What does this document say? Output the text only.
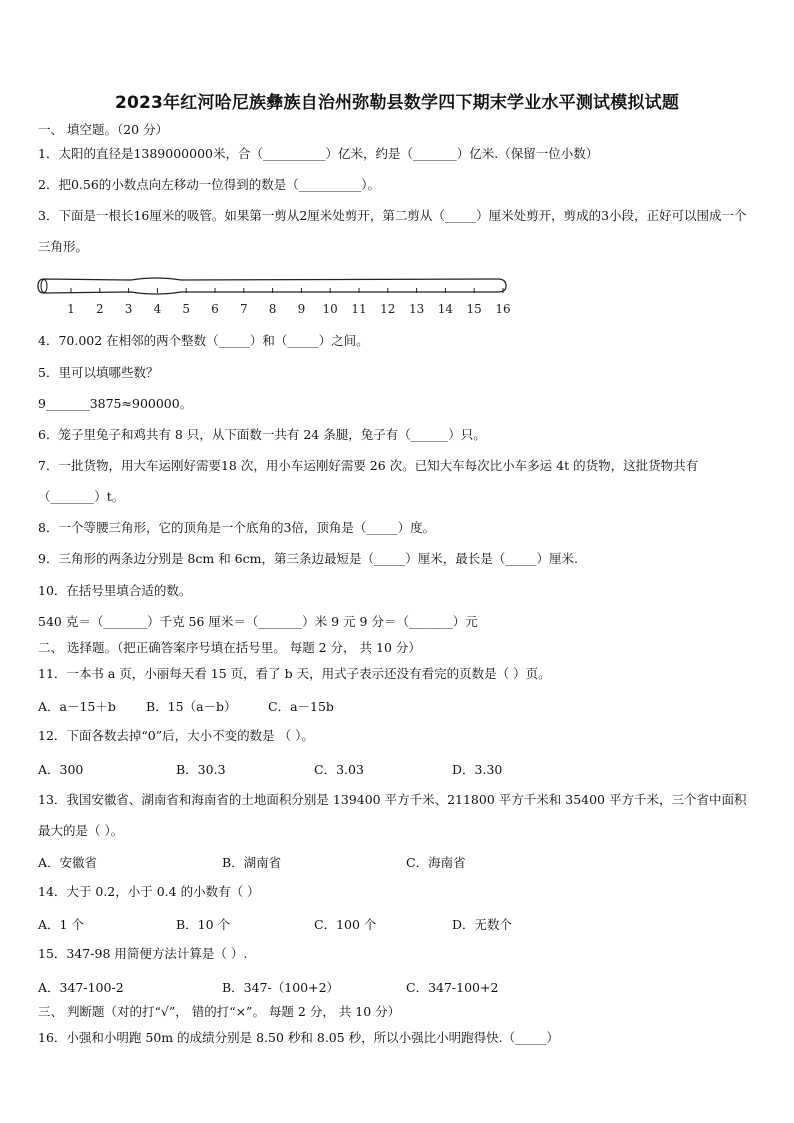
2023年红河哈尼族彝族自治州弥勒县数学四下期末学业水平测试模拟试题
一、 填空题。（20 分）
1．太阳的直径是1389000000米，合（__________）亿米，约是（_______）亿米.（保留一位小数）
2．把0.56的小数点向左移动一位得到的数是（__________）。
3．下面是一根长16厘米的吸管。如果第一剪从2厘米处剪开，第二剪从（_____）厘米处剪开，剪成的3小段，正好可以围成一个三角形。
1 2 3 4 5 6 7 8 9 10 11 12 13 14 15 16
4．70.002 在相邻的两个整数（_____）和（_____）之间。
5．里可以填哪些数？
9_______3875≈900000。
6．笼子里兔子和鸡共有 8 只，从下面数一共有 24 条腿，兔子有（______）只。
7．一批货物，用大车运刚好需要18 次，用小车运刚好需要 26 次。已知大车每次比小车多运 4t 的货物，这批货物共有（_______）t。
8．一个等腰三角形，它的顶角是一个底角的3倍，顶角是（_____）度。
9．三角形的两条边分别是 8cm 和 6cm，第三条边最短是（_____）厘米，最长是（_____）厘米.
10．在括号里填合适的数。
540 克＝（_______）千克 56 厘米＝（_______）米 9 元 9 分＝（_______）元
二、 选择题。（把正确答案序号填在括号里。 每题 2 分， 共 10 分）
11．一本书 a 页，小丽每天看 15 页，看了 b 天，用式子表示还没有看完的页数是（ ）页。
A．a－15＋b B．15（a－b）	C．a－15b
12．下面各数去掉“0”后，大小不变的数是 （ ）。
A．300	B．30.3	C．3.03	D．3.30
13．我国安徽省、湖南省和海南省的土地面积分别是 139400 平方千米、211800 平方千米和 35400 平方千米，三个省中面积最大的是（ ）。
A．安徽省	B．湖南省	C．海南省
14．大于 0.2，小于 0.4 的小数有（ ）
A．1 个	B．10 个	C．100 个	D．无数个
15．347-98 用简便方法计算是（ ）.
A．347-100-2	B．347-（100+2）	C．347-100+2
三、 判断题（对的打“√”， 错的打“×”。 每题 2 分， 共 10 分）
16．小强和小明跑 50m 的成绩分别是 8.50 秒和 8.05 秒，所以小强比小明跑得快.（_____）
